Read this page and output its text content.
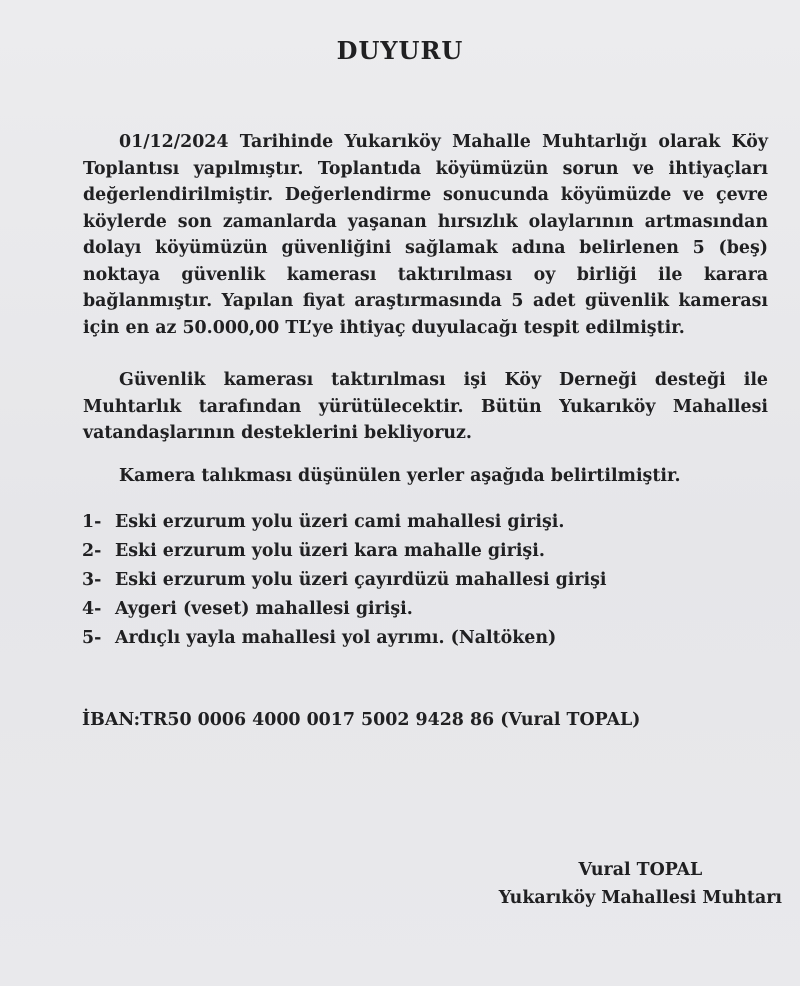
DUYURU

01/12/2024 Tarihinde Yukarıköy Mahalle Muhtarlığı olarak Köy Toplantısı yapılmıştır. Toplantıda köyümüzün sorun ve ihtiyaçları değerlendirilmiştir. Değerlendirme sonucunda köyümüzde ve çevre köylerde son zamanlarda yaşanan hırsızlık olaylarının artmasından dolayı köyümüzün güvenliğini sağlamak adına belirlenen 5 (beş) noktaya güvenlik kamerası taktırılması oy birliği ile karara bağlanmıştır. Yapılan fiyat araştırmasında 5 adet güvenlik kamerası için en az 50.000,00 TL’ye ihtiyaç duyulacağı tespit edilmiştir.

Güvenlik kamerası taktırılması işi Köy Derneği desteği ile Muhtarlık tarafından yürütülecektir. Bütün Yukarıköy Mahallesi vatandaşlarının desteklerini bekliyoruz.

Kamera talıkması düşünülen yerler aşağıda belirtilmiştir.
1- Eski erzurum yolu üzeri cami mahallesi girişi.
2- Eski erzurum yolu üzeri kara mahalle girişi.
3- Eski erzurum yolu üzeri çayırdüzü mahallesi girişi
4- Aygeri (veset) mahallesi girişi.
5- Ardıçlı yayla mahallesi yol ayrımı. (Naltöken)
İBAN:TR50 0006 4000 0017 5002 9428 86 (Vural TOPAL)
Vural TOPAL
Yukarıköy Mahallesi Muhtarı
